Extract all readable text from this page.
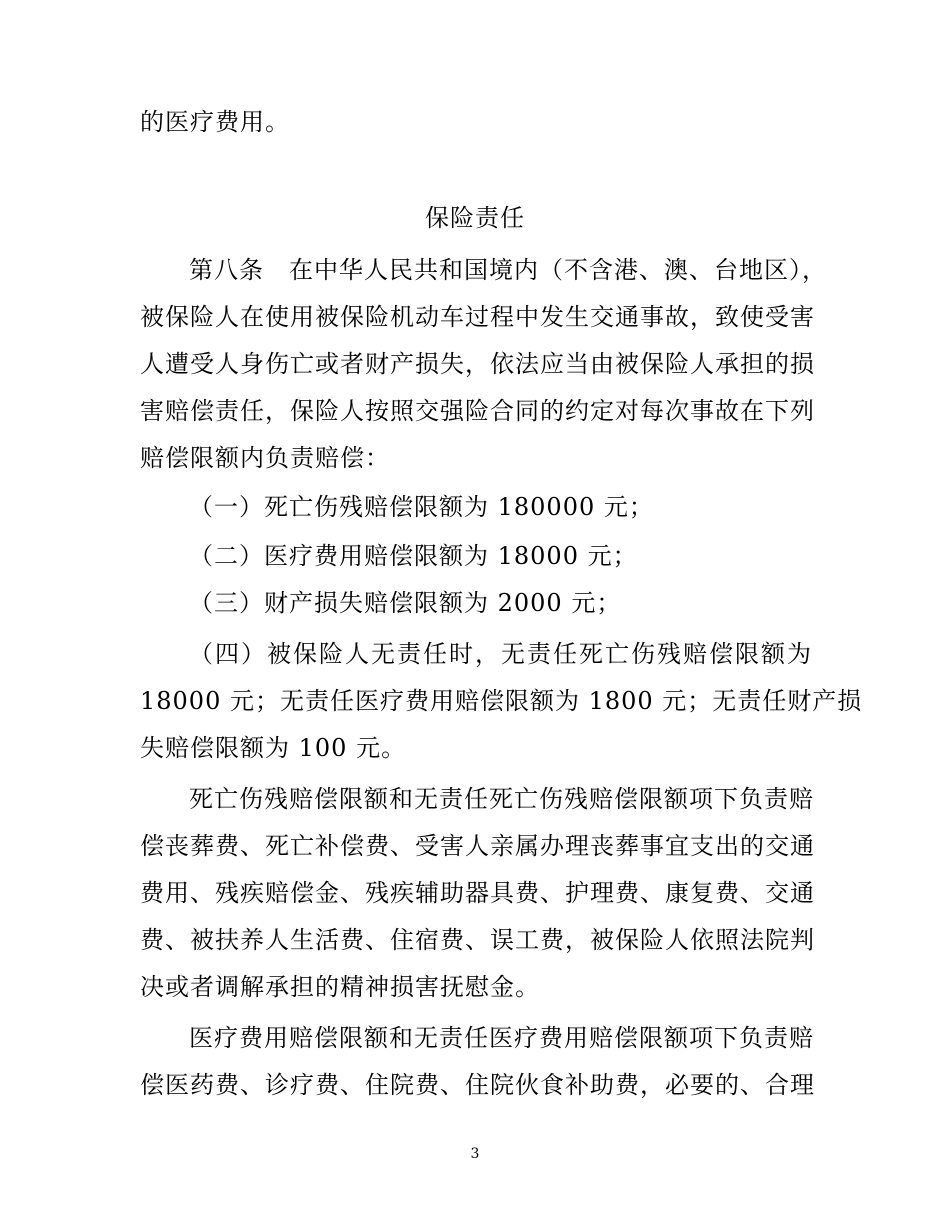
的医疗费用。
保险责任
第八条　在中华人民共和国境内（不含港、澳、台地区），
被保险人在使用被保险机动车过程中发生交通事故，致使受害
人遭受人身伤亡或者财产损失，依法应当由被保险人承担的损
害赔偿责任，保险人按照交强险合同的约定对每次事故在下列
赔偿限额内负责赔偿：
（一）死亡伤残赔偿限额为 180000 元；
（二）医疗费用赔偿限额为 18000 元；
（三）财产损失赔偿限额为 2000 元；
（四）被保险人无责任时，无责任死亡伤残赔偿限额为
18000 元；无责任医疗费用赔偿限额为 1800 元；无责任财产损
失赔偿限额为 100 元。
死亡伤残赔偿限额和无责任死亡伤残赔偿限额项下负责赔
偿丧葬费、死亡补偿费、受害人亲属办理丧葬事宜支出的交通
费用、残疾赔偿金、残疾辅助器具费、护理费、康复费、交通
费、被扶养人生活费、住宿费、误工费，被保险人依照法院判
决或者调解承担的精神损害抚慰金。
医疗费用赔偿限额和无责任医疗费用赔偿限额项下负责赔
偿医药费、诊疗费、住院费、住院伙食补助费，必要的、合理
3
